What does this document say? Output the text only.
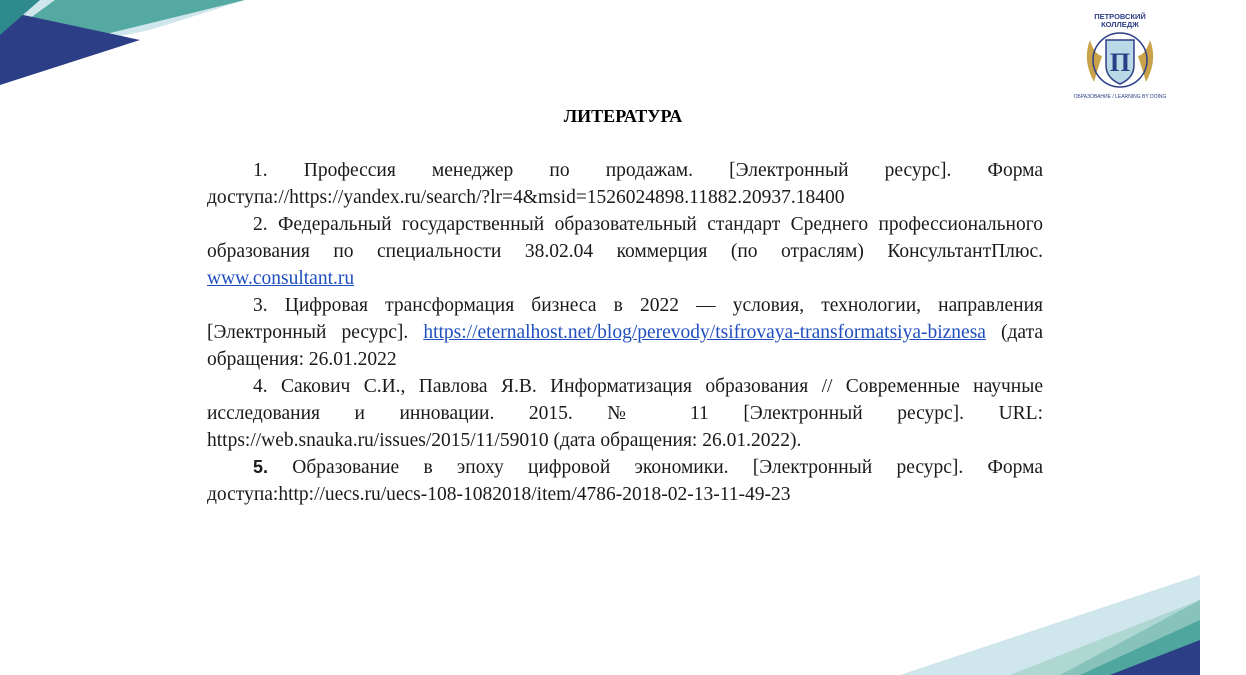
ПЕТРОВСКИЙ
КОЛЛЕДЖ
П
ОБРАЗОВАНИЕ / LEARNING BY DOING
ЛИТЕРАТУРА

1. Профессия менеджер по продажам. [Электронный ресурс]. Форма доступа://https://yandex.ru/search/?lr=4&msid=1526024898.11882.20937.18400

2. Федеральный государственный образовательный стандарт Среднего профессионального образования по специальности 38.02.04 коммерция (по отраслям) КонсультантПлюс. www.consultant.ru

3. Цифровая трансформация бизнеса в 2022 — условия, технологии, направления [Электронный ресурс]. https://eternalhost.net/blog/perevody/tsifrovaya-transformatsiya-biznesa (дата обращения: 26.01.2022

4. Сакович С.И., Павлова Я.В. Информатизация образования // Современные научные исследования и инновации. 2015. № 11 [Электронный ресурс]. URL: https://web.snauka.ru/issues/2015/11/59010 (дата обращения: 26.01.2022).

5. Образование в эпоху цифровой экономики. [Электронный ресурс]. Форма доступа:http://uecs.ru/uecs-108-1082018/item/4786-2018-02-13-11-49-23
